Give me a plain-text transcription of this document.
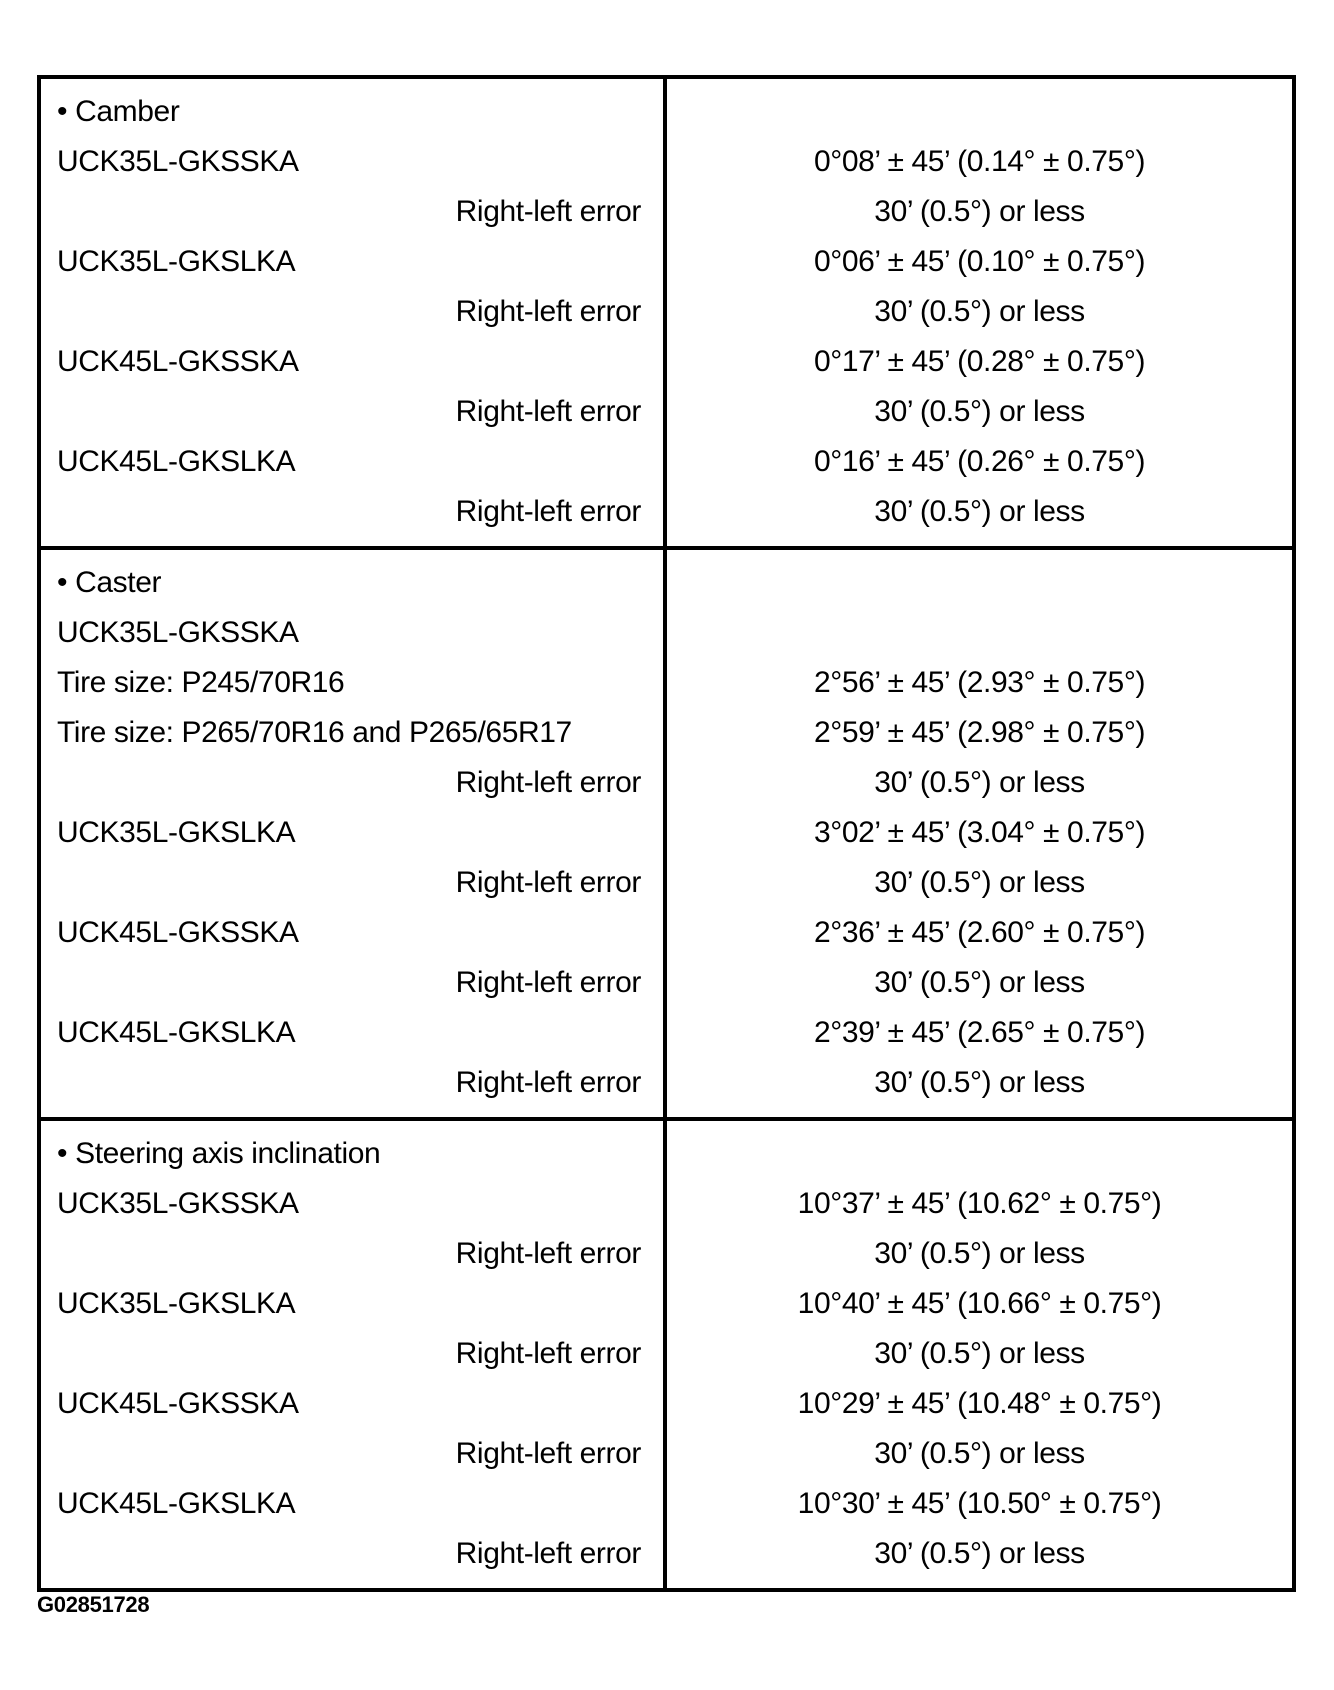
• Camber
UCK35L-GKSSKA
Right-left error
UCK35L-GKSLKA
Right-left error
UCK45L-GKSSKA
Right-left error
UCK45L-GKSLKA
Right-left error
0°08’ ± 45’ (0.14° ± 0.75°)
30’ (0.5°) or less
0°06’ ± 45’ (0.10° ± 0.75°)
30’ (0.5°) or less
0°17’ ± 45’ (0.28° ± 0.75°)
30’ (0.5°) or less
0°16’ ± 45’ (0.26° ± 0.75°)
30’ (0.5°) or less
• Caster
UCK35L-GKSSKA
Tire size: P245/70R16
Tire size: P265/70R16 and P265/65R17
Right-left error
UCK35L-GKSLKA
Right-left error
UCK45L-GKSSKA
Right-left error
UCK45L-GKSLKA
Right-left error
2°56’ ± 45’ (2.93° ± 0.75°)
2°59’ ± 45’ (2.98° ± 0.75°)
30’ (0.5°) or less
3°02’ ± 45’ (3.04° ± 0.75°)
30’ (0.5°) or less
2°36’ ± 45’ (2.60° ± 0.75°)
30’ (0.5°) or less
2°39’ ± 45’ (2.65° ± 0.75°)
30’ (0.5°) or less
• Steering axis inclination
UCK35L-GKSSKA
Right-left error
UCK35L-GKSLKA
Right-left error
UCK45L-GKSSKA
Right-left error
UCK45L-GKSLKA
Right-left error
10°37’ ± 45’ (10.62° ± 0.75°)
30’ (0.5°) or less
10°40’ ± 45’ (10.66° ± 0.75°)
30’ (0.5°) or less
10°29’ ± 45’ (10.48° ± 0.75°)
30’ (0.5°) or less
10°30’ ± 45’ (10.50° ± 0.75°)
30’ (0.5°) or less
G02851728
